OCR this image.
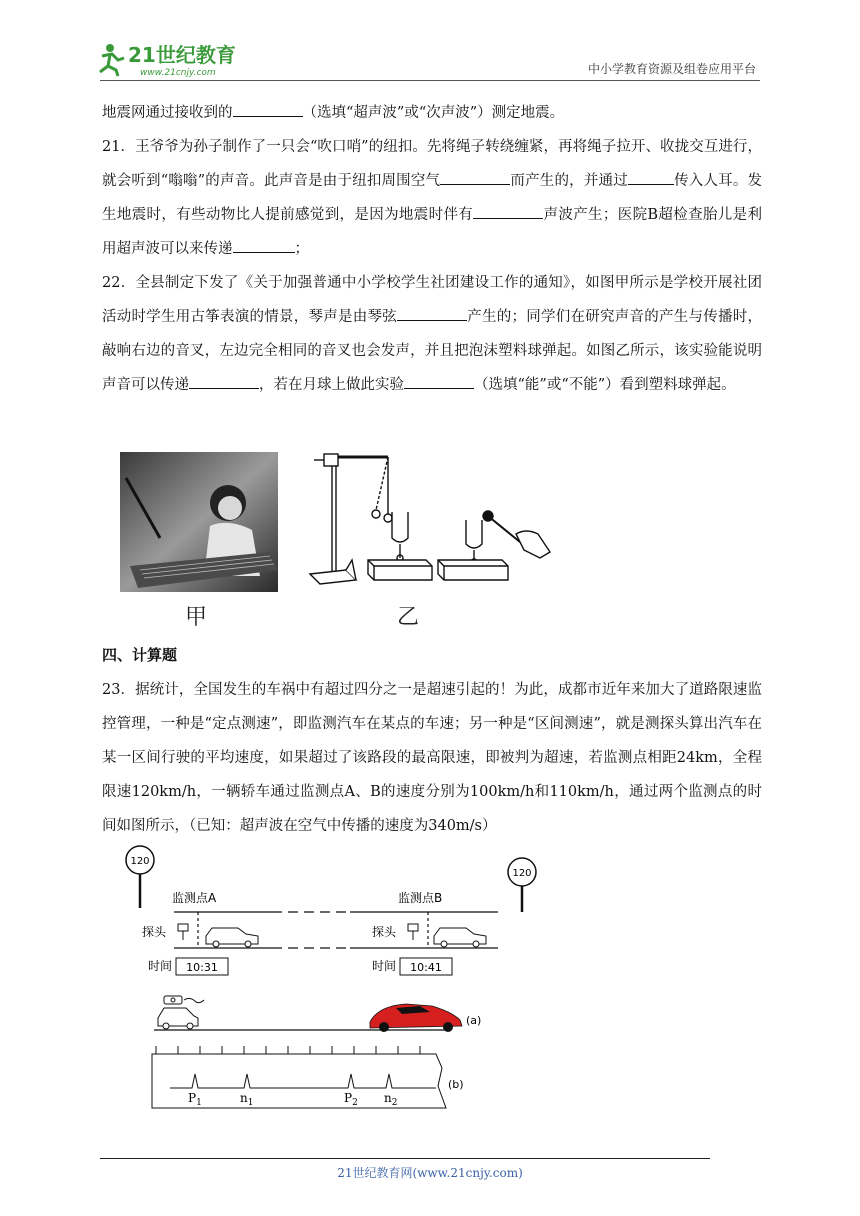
21世纪教育
www.21cnjy.com	中小学教育资源及组卷应用平台

地震网通过接收到的	（选填“超声波”或“次声波”）测定地震。

21．王爷爷为孙子制作了一只会“吹口哨”的纽扣。先将绳子转绕缠紧，再将绳子拉开、收拢交互进行，就会听到“嗡嗡”的声音。此声音是由于纽扣周围空气	而产生的，并通过	传入人耳。发生地震时，有些动物比人提前感觉到，是因为地震时伴有	声波产生；医院B超检查胎儿是利用超声波可以来传递	；

22．全县制定下发了《关于加强普通中小学校学生社团建设工作的通知》，如图甲所示是学校开展社团活动时学生用古筝表演的情景，琴声是由琴弦	产生的；同学们在研究声音的产生与传播时，敲响右边的音叉，左边完全相同的音叉也会发声，并且把泡沫塑料球弹起。如图乙所示，该实验能说明声音可以传递	，若在月球上做此实验	（选填“能”或“不能”）看到塑料球弹起。

甲	乙

四、计算题

23．据统计，全国发生的车祸中有超过四分之一是超速引起的！为此，成都市近年来加大了道路限速监控管理，一种是“定点测速”，即监测汽车在某点的车速；另一种是“区间测速”，就是测探头算出汽车在某一区间行驶的平均速度，如果超过了该路段的最高限速，即被判为超速，若监测点相距24km，全程限速120km/h，一辆轿车通过监测点A、B的速度分别为100km/h和110km/h，通过两个监测点的时间如图所示，（已知：超声波在空气中传播的速度为340m/s）

120
120
监测点A	监测点B
探头	探头
时间 10:31	时间 10:41
(a)
(b)
$P_1$	$n_1$	$P_2$ $n_2$
21世纪教育网(www.21cnjy.com)
